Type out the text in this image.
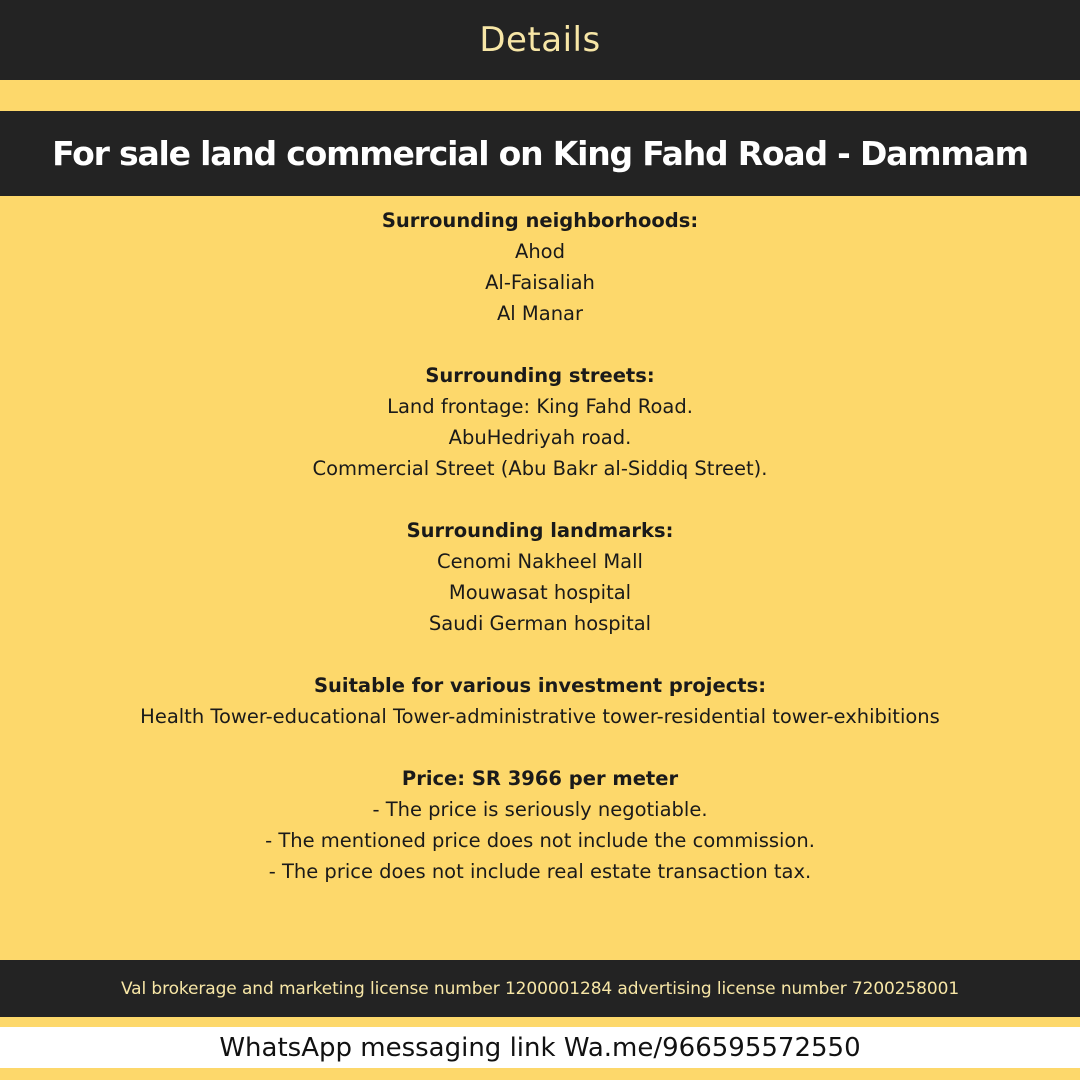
Details
For sale land commercial on King Fahd Road - Dammam
Surrounding neighborhoods:
Ahod
Al-Faisaliah
Al Manar
Surrounding streets:
Land frontage: King Fahd Road.
AbuHedriyah road.
Commercial Street (Abu Bakr al-Siddiq Street).
Surrounding landmarks:
Cenomi Nakheel Mall
Mouwasat hospital
Saudi German hospital
Suitable for various investment projects:
Health Tower-educational Tower-administrative tower-residential tower-exhibitions
Price: SR 3966 per meter
- The price is seriously negotiable.
- The mentioned price does not include the commission.
- The price does not include real estate transaction tax.
Val brokerage and marketing license number 1200001284 advertising license number 7200258001
WhatsApp messaging link Wa.me/966595572550
